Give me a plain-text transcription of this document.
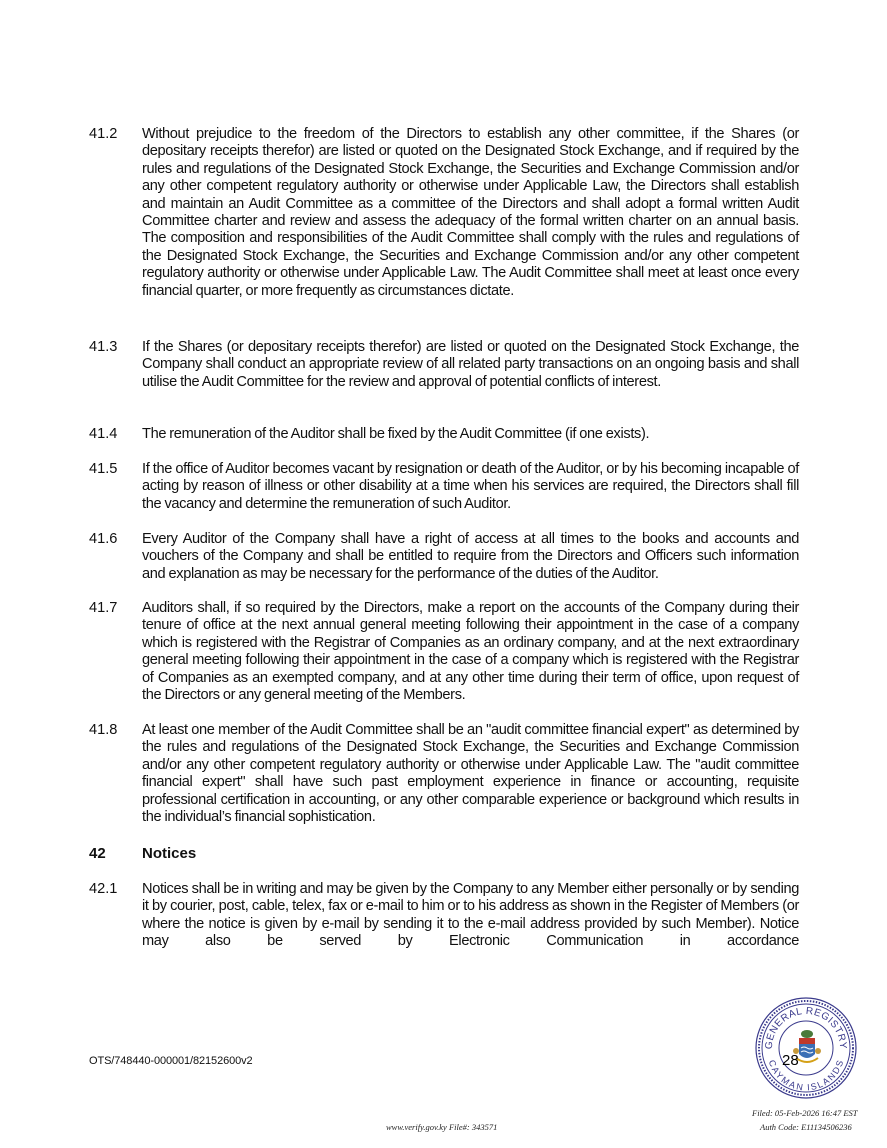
41.2 Without prejudice to the freedom of the Directors to establish any other committee, if the Shares (or depositary receipts therefor) are listed or quoted on the Designated Stock Exchange, and if required by the rules and regulations of the Designated Stock Exchange, the Securities and Exchange Commission and/or any other competent regulatory authority or otherwise under Applicable Law, the Directors shall establish and maintain an Audit Committee as a committee of the Directors and shall adopt a formal written Audit Committee charter and review and assess the adequacy of the formal written charter on an annual basis. The composition and responsibilities of the Audit Committee shall comply with the rules and regulations of the Designated Stock Exchange, the Securities and Exchange Commission and/or any other competent regulatory authority or otherwise under Applicable Law. The Audit Committee shall meet at least once every financial quarter, or more frequently as circumstances dictate.
41.3 If the Shares (or depositary receipts therefor) are listed or quoted on the Designated Stock Exchange, the Company shall conduct an appropriate review of all related party transactions on an ongoing basis and shall utilise the Audit Committee for the review and approval of potential conflicts of interest.
41.4 The remuneration of the Auditor shall be fixed by the Audit Committee (if one exists).
41.5 If the office of Auditor becomes vacant by resignation or death of the Auditor, or by his becoming incapable of acting by reason of illness or other disability at a time when his services are required, the Directors shall fill the vacancy and determine the remuneration of such Auditor.
41.6 Every Auditor of the Company shall have a right of access at all times to the books and accounts and vouchers of the Company and shall be entitled to require from the Directors and Officers such information and explanation as may be necessary for the performance of the duties of the Auditor.
41.7 Auditors shall, if so required by the Directors, make a report on the accounts of the Company during their tenure of office at the next annual general meeting following their appointment in the case of a company which is registered with the Registrar of Companies as an ordinary company, and at the next extraordinary general meeting following their appointment in the case of a company which is registered with the Registrar of Companies as an exempted company, and at any other time during their term of office, upon request of the Directors or any general meeting of the Members.
41.8 At least one member of the Audit Committee shall be an "audit committee financial expert" as determined by the rules and regulations of the Designated Stock Exchange, the Securities and Exchange Commission and/or any other competent regulatory authority or otherwise under Applicable Law. The "audit committee financial expert" shall have such past employment experience in finance or accounting, requisite professional certification in accounting, or any other comparable experience or background which results in the individual’s financial sophistication.
42 Notices
42.1 Notices shall be in writing and may be given by the Company to any Member either personally or by sending it by courier, post, cable, telex, fax or e-mail to him or to his address as shown in the Register of Members (or where the notice is given by e-mail by sending it to the e-mail address provided by such Member). Notice may also be served by Electronic Communication in accordance
OTS/748440-000001/82152600v2
GENERAL REGISTRY
CAYMAN ISLANDS
28
Filed: 05-Feb-2026 16:47 EST
Auth Code: E11134506236
www.verify.gov.ky File#: 343571
